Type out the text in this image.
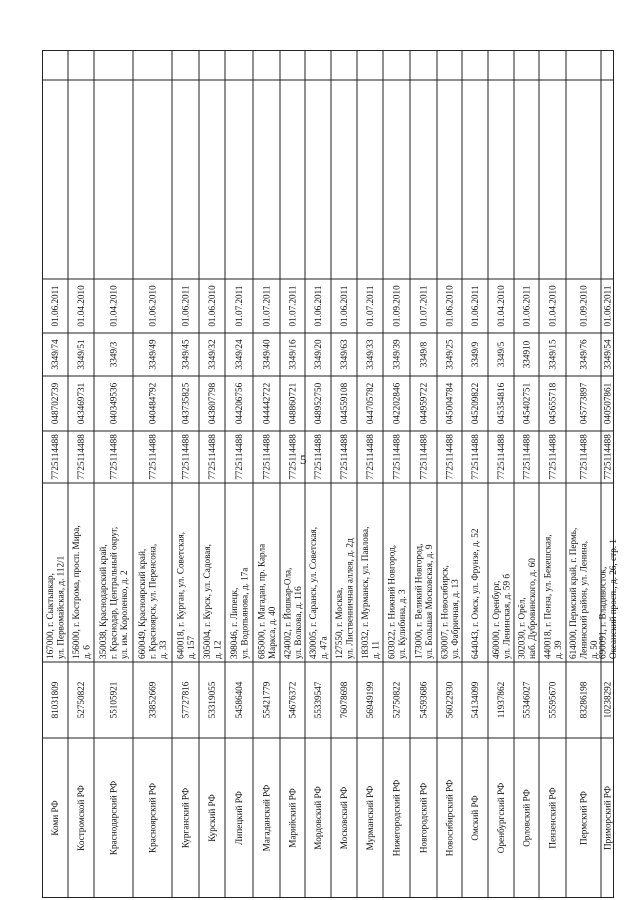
5
Коми РФ
81031809
167000, г. Сыктывкар, ул. Первомайская, д. 112/1
7725114488
048702739
3349/74
01.06.2011
Костромской РФ
52750822
156000, г. Кострома, просп. Мира, д. 6
7725114488
043469731
3349/51
01.04.2010
Краснодарский РФ
55105921
350038, Краснодарский край, г. Краснодар, Центральный округ, ул. им. Короленко, д. 2
7725114488
040349536
3349/3
01.04.2010
Красноярский РФ
33852669
660049, Красноярский край, г. Красноярск, ул. Перенсона, д. 33
7725114488
040484792
3349/49
01.06.2010
Курганский РФ
57727816
640018, г. Курган, ул. Советская, д. 157
7725114488
043735825
3349/45
01.06.2011
Курский РФ
53319055
305004, г. Курск, ул. Садовая, д. 12
7725114488
043807798
3349/32
01.06.2010
Липецкий РФ
54586404
398046, г. Липецк, ул. Водопьянова, д. 17а
7725114488
044206756
3349/24
01.07.2011
Магаданский РФ
55421779
685000, г. Магадан, пр. Карла Маркса, д. 40
7725114488
044442722
3349/40
01.07.2011
Марийский РФ
54676372
424002, г. Йошкар-Ола, ул. Волкова, д. 116
7725114488
048860721
3349/16
01.07.2011
Мордовский РФ
55339547
430005, г. Саранск, ул. Советская, д. 47а
7725114488
048952750
3349/20
01.06.2011
Московский РФ
76078698
127550, г. Москва, ул. Лиственничная аллея, д. 2д
7725114488
044559108
3349/63
01.06.2011
Мурманский РФ
56949199
183032, г. Мурманск, ул. Павлова, д. 11
7725114488
044705782
3349/33
01.07.2011
Нижегородский РФ
52750822
603022, г. Нижний Новгород, ул. Кулибина, д. 3
7725114488
042202846
3349/39
01.09.2010
Новгородский РФ
54593686
173000, г. Великий Новгород, ул. Большая Московская, д. 9
7725114488
044959722
3349/8
01.07.2011
Новосибирский РФ
56022930
630007, г. Новосибирск, ул. Фабричная, д. 13
7725114488
045004784
3349/25
01.06.2010
Омский РФ
54134099
644043, г. Омск, ул. Фрунзе, д. 52
7725114488
045209822
3349/9
01.06.2011
Оренбургский РФ
11937862
460000, г. Оренбург, ул. Ленинская, д. 59 б
7725114488
045354816
3349/5
01.04.2010
Орловский РФ
55346027
302030, г. Орёл, наб. Дубровинского, д. 60
7725114488
045402751
334910
01.06.2011
Пензенский РФ
55595670
440018, г. Пенза, ул. Бекешская, д. 39
7725114488
045655718
3349/15
01.04.2010
Пермский РФ
83286198
614000, Пермский край, г. Пермь, Ленинский район, ул. Ленина, д. 50
7725114488
045773897
3349/76
01.09.2010
Приморский РФ
10238292
690091, г. Владивосток, Океанский просп., д. 26, стр. 1
7725114488
040507861
3349/54
01.06.2011
